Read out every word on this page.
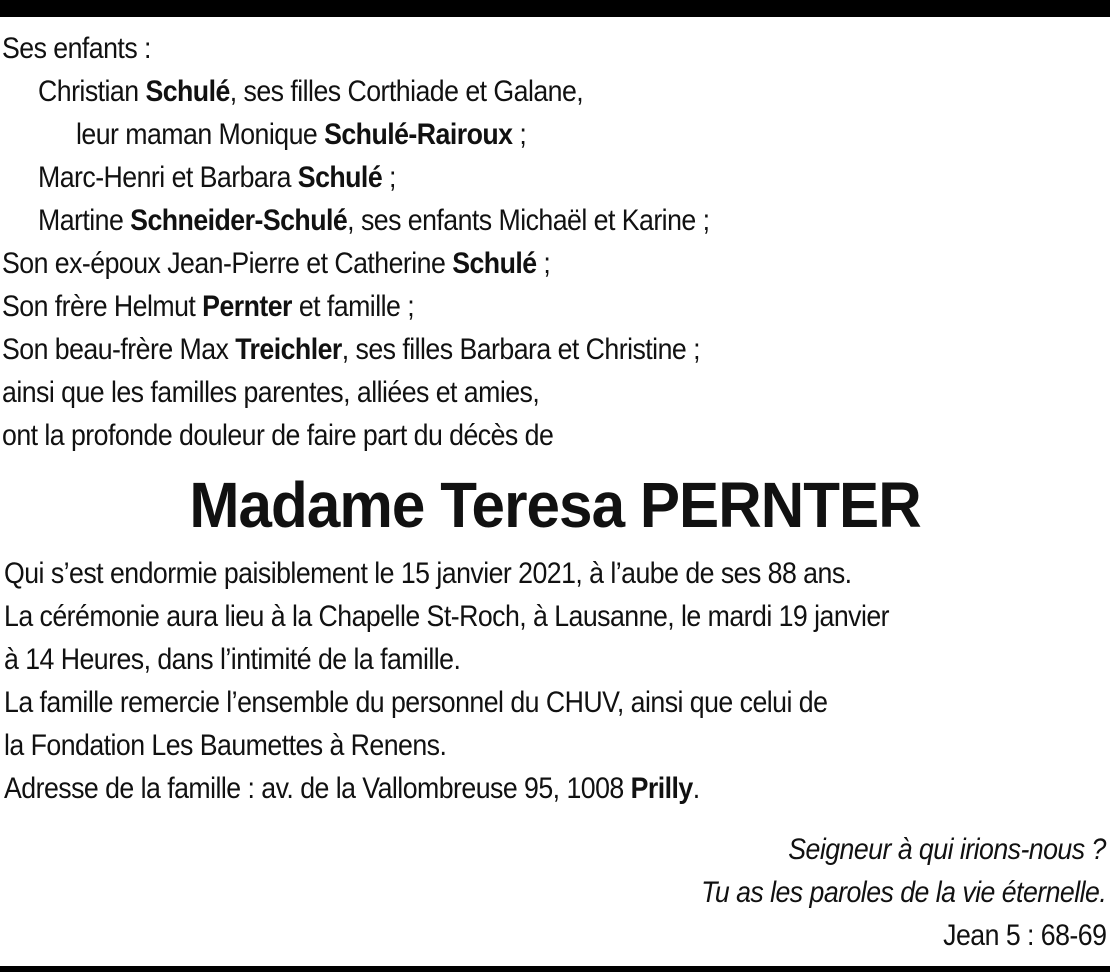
Ses enfants :
Christian Schulé, ses filles Corthiade et Galane,
leur maman Monique Schulé-Rairoux ;
Marc-Henri et Barbara Schulé ;
Martine Schneider-Schulé, ses enfants Michaël et Karine ;
Son ex-époux Jean-Pierre et Catherine Schulé ;
Son frère Helmut Pernter et famille ;
Son beau-frère Max Treichler, ses filles Barbara et Christine ;
ainsi que les familles parentes, alliées et amies,
ont la profonde douleur de faire part du décès de
Madame Teresa PERNTER
Qui s’est endormie paisiblement le 15 janvier 2021, à l’aube de ses 88 ans.
La cérémonie aura lieu à la Chapelle St-Roch, à Lausanne, le mardi 19 janvier
à 14 Heures, dans l’intimité de la famille.
La famille remercie l’ensemble du personnel du CHUV, ainsi que celui de
la Fondation Les Baumettes à Renens.
Adresse de la famille : av. de la Vallombreuse 95, 1008 Prilly.
Seigneur à qui irions-nous ?
Tu as les paroles de la vie éternelle.
Jean 5 : 68-69
